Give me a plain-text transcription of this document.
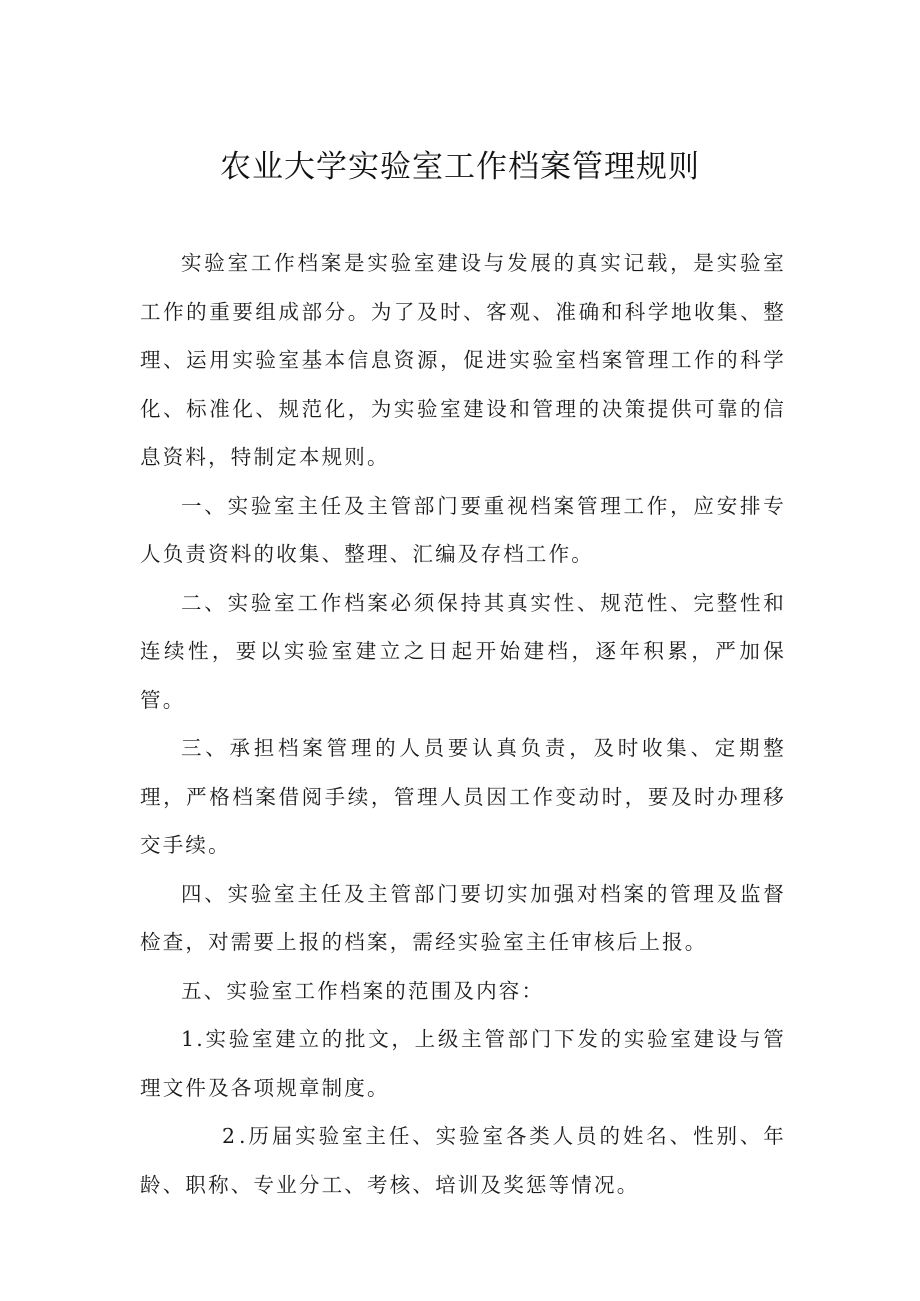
农业大学实验室工作档案管理规则

实验室工作档案是实验室建设与发展的真实记载，是实验室工作的重要组成部分。为了及时、客观、准确和科学地收集、整理、运用实验室基本信息资源，促进实验室档案管理工作的科学化、标准化、规范化，为实验室建设和管理的决策提供可靠的信息资料，特制定本规则。

一、实验室主任及主管部门要重视档案管理工作，应安排专人负责资料的收集、整理、汇编及存档工作。

二、实验室工作档案必须保持其真实性、规范性、完整性和连续性，要以实验室建立之日起开始建档，逐年积累，严加保管。

三、承担档案管理的人员要认真负责，及时收集、定期整理，严格档案借阅手续，管理人员因工作变动时，要及时办理移交手续。

四、实验室主任及主管部门要切实加强对档案的管理及监督检查，对需要上报的档案，需经实验室主任审核后上报。

五、实验室工作档案的范围及内容：

1.实验室建立的批文，上级主管部门下发的实验室建设与管理文件及各项规章制度。

2 .历届实验室主任、实验室各类人员的姓名、性别、年龄、职称、专业分工、考核、培训及奖惩等情况。
